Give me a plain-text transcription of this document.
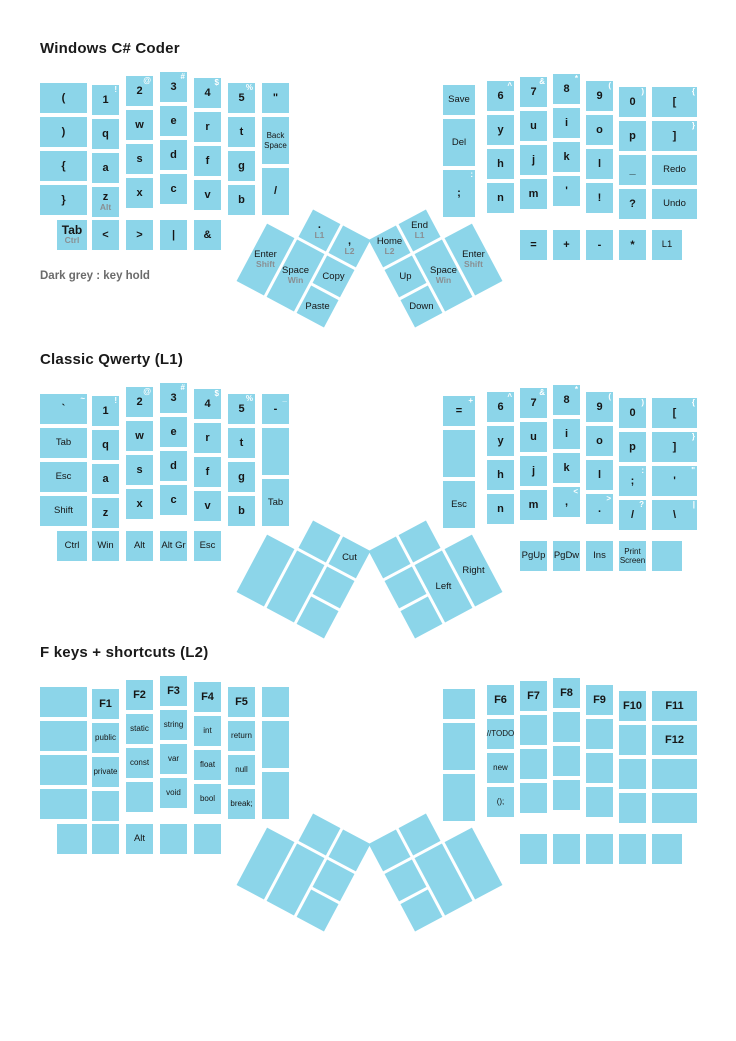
Windows C# Coder
Dark grey : key hold
(
)
{
}
!
1
q
a
z
Alt
@
2
w
s
x
#
3
e
d
c
$
4
r
f
v
%
5
t
g
b
"
Back Space
/
Tab
Ctrl <	>	|	&
Save
Del
:
;
^
6
y
h
n
&
7
u
j
m
*
8
i
k
'
(
9
o
l
!
)
0
p
_
?
{
[
}
]
Redo
Undo
= +	-	*	L1
Enter
Shift
.
L1
Space
Win
,
L2
Copy
Paste
Home
L2
Up
Down
End
L1
Space
Win
Enter
Shift
Classic Qwerty (L1)
~
`
Tab
Esc
Shift
!
1
q
a
z
@
2
w
s
x
#
3
e
d
c
$
4
r
f
v
%
5
t
g
b
_
-
Tab
Ctrl Win Alt Alt Gr Esc
+
=
Esc
^
6
y
h
n
&
7
u
j
m
*
8
i
k
<
,
(
9
o
l
>
.
)
0
p
:
;
?
/
{
[
}
]
"
'
|
\
PgUp PgDw Ins	Print Screen
Cut
Left
Right
F keys + shortcuts (L2)
F1
public
private
F2
static
const
F3
string
var
void
F4
int
float
bool
F5
return
null
break;
Alt
F6
//TODO
new
();
F7 F8
F9 F10 F11
F12
